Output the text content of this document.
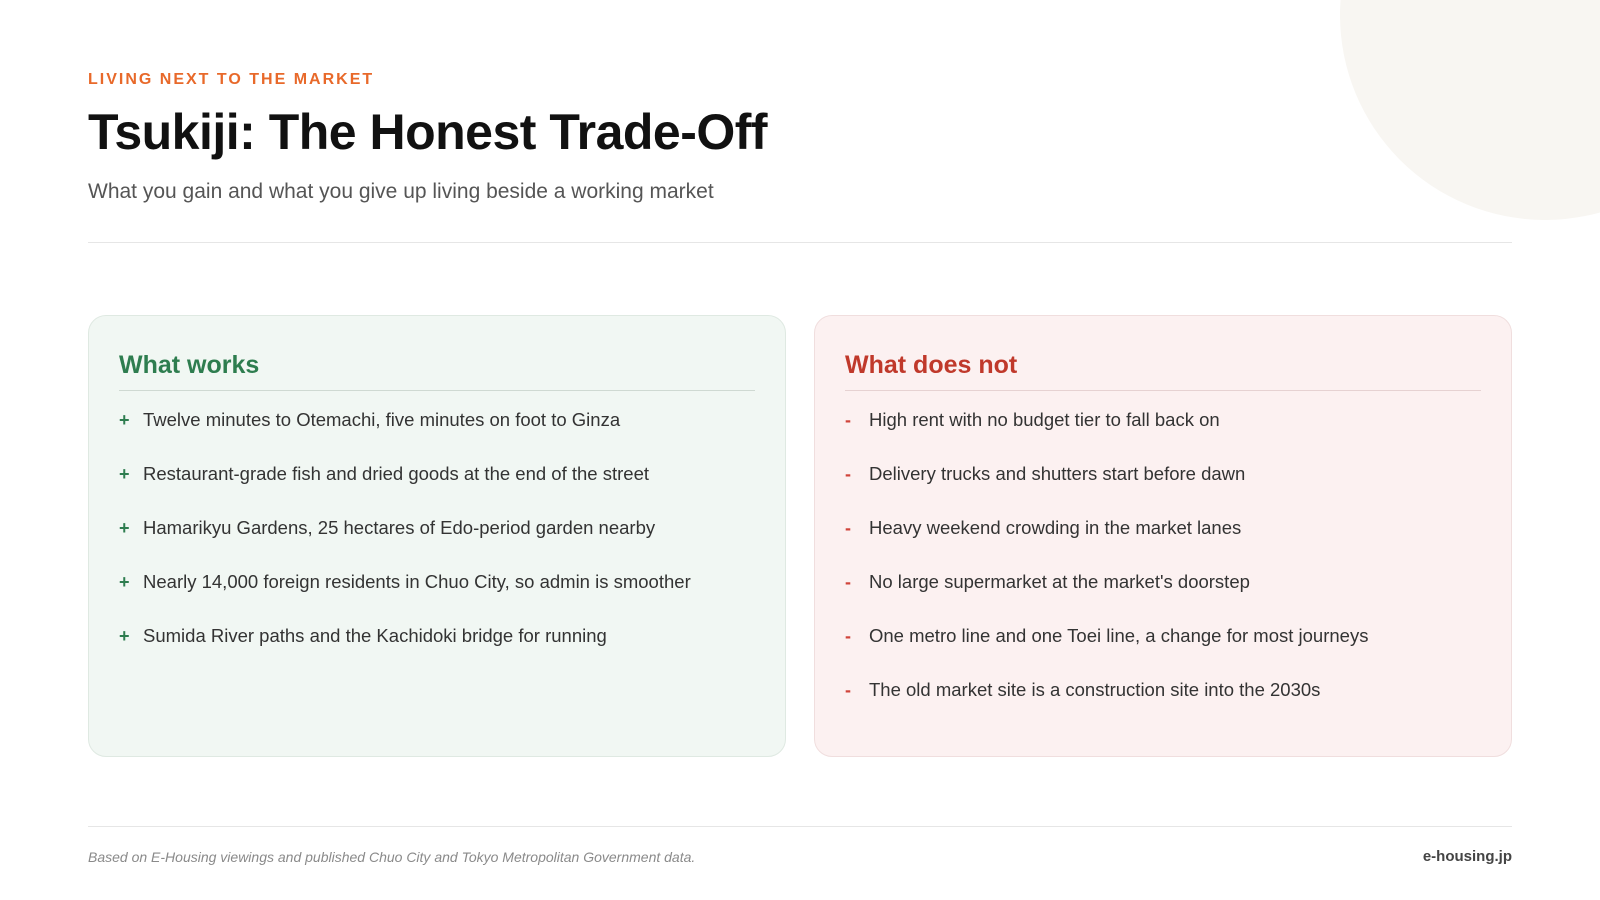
LIVING NEXT TO THE MARKET
Tsukiji: The Honest Trade-Off
What you gain and what you give up living beside a working market
What works
+ Twelve minutes to Otemachi, five minutes on foot to Ginza
+ Restaurant-grade fish and dried goods at the end of the street
+ Hamarikyu Gardens, 25 hectares of Edo-period garden nearby
+ Nearly 14,000 foreign residents in Chuo City, so admin is smoother
+ Sumida River paths and the Kachidoki bridge for running
What does not
- High rent with no budget tier to fall back on
- Delivery trucks and shutters start before dawn
- Heavy weekend crowding in the market lanes
- No large supermarket at the market's doorstep
- One metro line and one Toei line, a change for most journeys
- The old market site is a construction site into the 2030s
Based on E-Housing viewings and published Chuo City and Tokyo Metropolitan Government data.	e-housing.jp
